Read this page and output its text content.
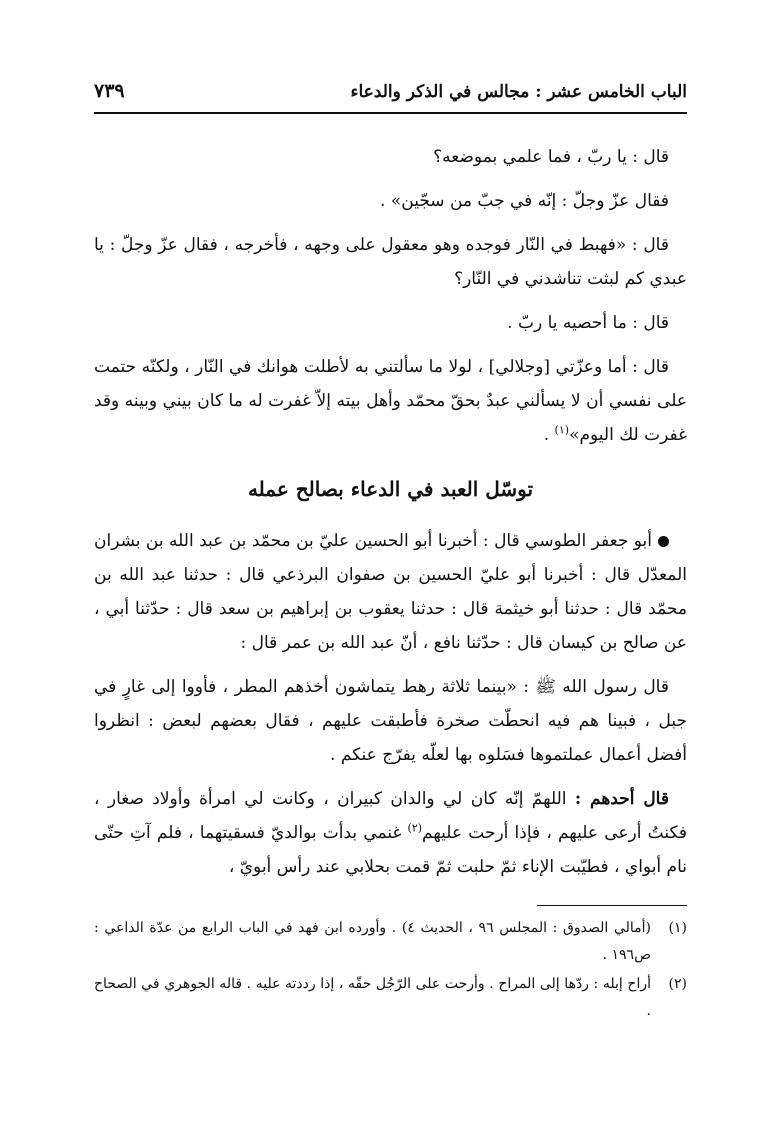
الباب الخامس عشر : مجالس في الذكر والدعاء
٧٣٩

قال : يا ربّ ، فما علمي بموضعه؟

فقال عزّ وجلّ : إنّه في جبّ من سجّين» .

قال : «فهبط في النّار فوجده وهو معقول على وجهه ، فأخرجه ، فقال عزّ وجلّ : يا عبدي كم لبثت تناشدني في النّار؟

قال : ما أحصيه يا ربّ .

قال : أما وعزّتي [وجلالي] ، لولا ما سألتني به لأطلت هوانك في النّار ، ولكنّه حتمت على نفسي أن لا يسألني عبدٌ بحقّ محمّد وأهل بيته إلاّ غفرت له ما كان بيني وبينه وقد غفرت لك اليوم»$^{(١)}$ .

توسّل العبد في الدعاء بصالح عمله

أبو جعفر الطوسي قال : أخبرنا أبو الحسين عليّ بن محمّد بن عبد الله بن بشران المعدّل قال : أخبرنا أبو عليّ الحسين بن صفوان البرذعي قال : حدثنا عبد الله بن محمّد قال : حدثنا أبو خيثمة قال : حدثنا يعقوب بن إبراهيم بن سعد قال : حدّثنا أبي ، عن صالح بن كيسان قال : حدّثنا نافع ، أنّ عبد الله بن عمر قال :

قال رسول الله ﷺ : «بينما ثلاثة رهط يتماشون أخذهم المطر ، فأووا إلى غارٍ في جبل ، فبينا هم فيه انحطّت صخرة فأطبقت عليهم ، فقال بعضهم لبعض : انظروا أفضل أعمال عملتموها فسَلوه بها لعلّه يفرّج عنكم .

قال أحدهم : اللهمّ إنّه كان لي والدان كبيران ، وكانت لي امرأة وأولاد صغار ، فكنتُ أرعى عليهم ، فإذا أرحت عليهم$^{(٢)}$ غنمي بدأت بوالديّ فسقيتهما ، فلم آتِ حتّى نام أبواي ، فطيّبت الإناء ثمّ حلبت ثمّ قمت بحلابي عند رأس أبويّ ،

(١)
(أمالي الصدوق : المجلس ٩٦ ، الحديث ٤) . وأورده ابن فهد في الباب الرابع من عدّة الداعي : ص١٩٦ .
(٢)
أراح إبله : ردّها إلى المراح . وأرحت على الرّجُل حقّه ، إذا رددته عليه . قاله الجوهري في الصحاح .
